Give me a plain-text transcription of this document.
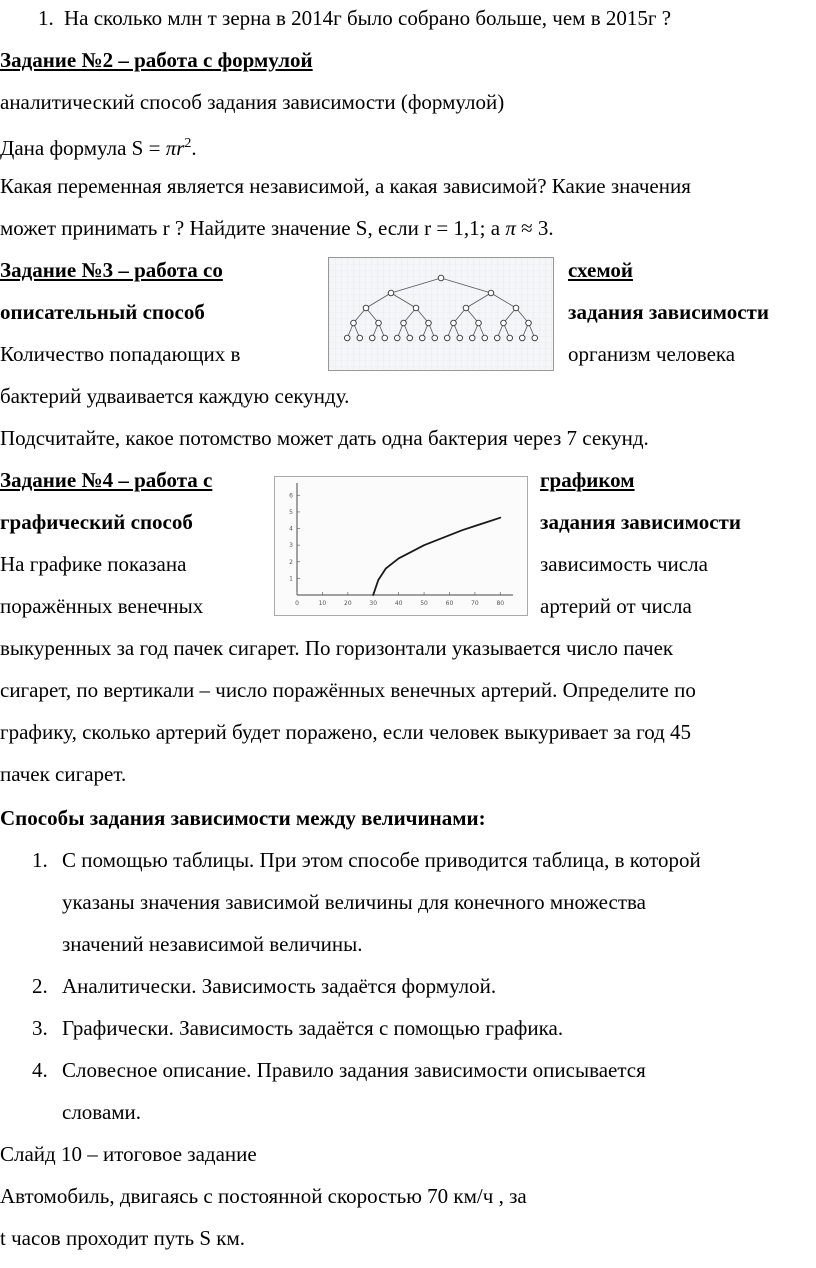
1. На сколько млн т зерна в 2014г было собрано больше, чем в 2015г ?
Задание №2 – работа с формулой
аналитический способ задания зависимости (формулой)
Дана формула $S = \pi r^2$.
Какая переменная является независимой, а какая зависимой? Какие значения
может принимать r ? Найдите значение S, если r = 1,1; а π ≈ 3.
Задание №3 – работа со	схемой
описательный способ	задания зависимости
Количество попадающих в	организм человека
бактерий удваивается каждую секунду.
Подсчитайте, какое потомство может дать одна бактерия через 7 секунд.
Задание №4 – работа с	графиком
графический способ	задания зависимости
На графике показана	зависимость числа
поражённых венечных	артерий от числа
выкуренных за год пачек сигарет. По горизонтали указывается число пачек
сигарет, по вертикали – число поражённых венечных артерий. Определите по
графику, сколько артерий будет поражено, если человек выкуривает за год 45
пачек сигарет.
0	10	20	30	40	50	60	70	80
1
2
3
4
5
6
Способы задания зависимости между величинами:
1. С помощью таблицы. При этом способе приводится таблица, в которой
указаны значения зависимой величины для конечного множества
значений независимой величины.
2. Аналитически. Зависимость задаётся формулой.
3. Графически. Зависимость задаётся с помощью графика.
4. Словесное описание. Правило задания зависимости описывается
словами.
Слайд 10 – итоговое задание
Автомобиль, двигаясь с постоянной скоростью 70 км/ч , за
t часов проходит путь S км.
